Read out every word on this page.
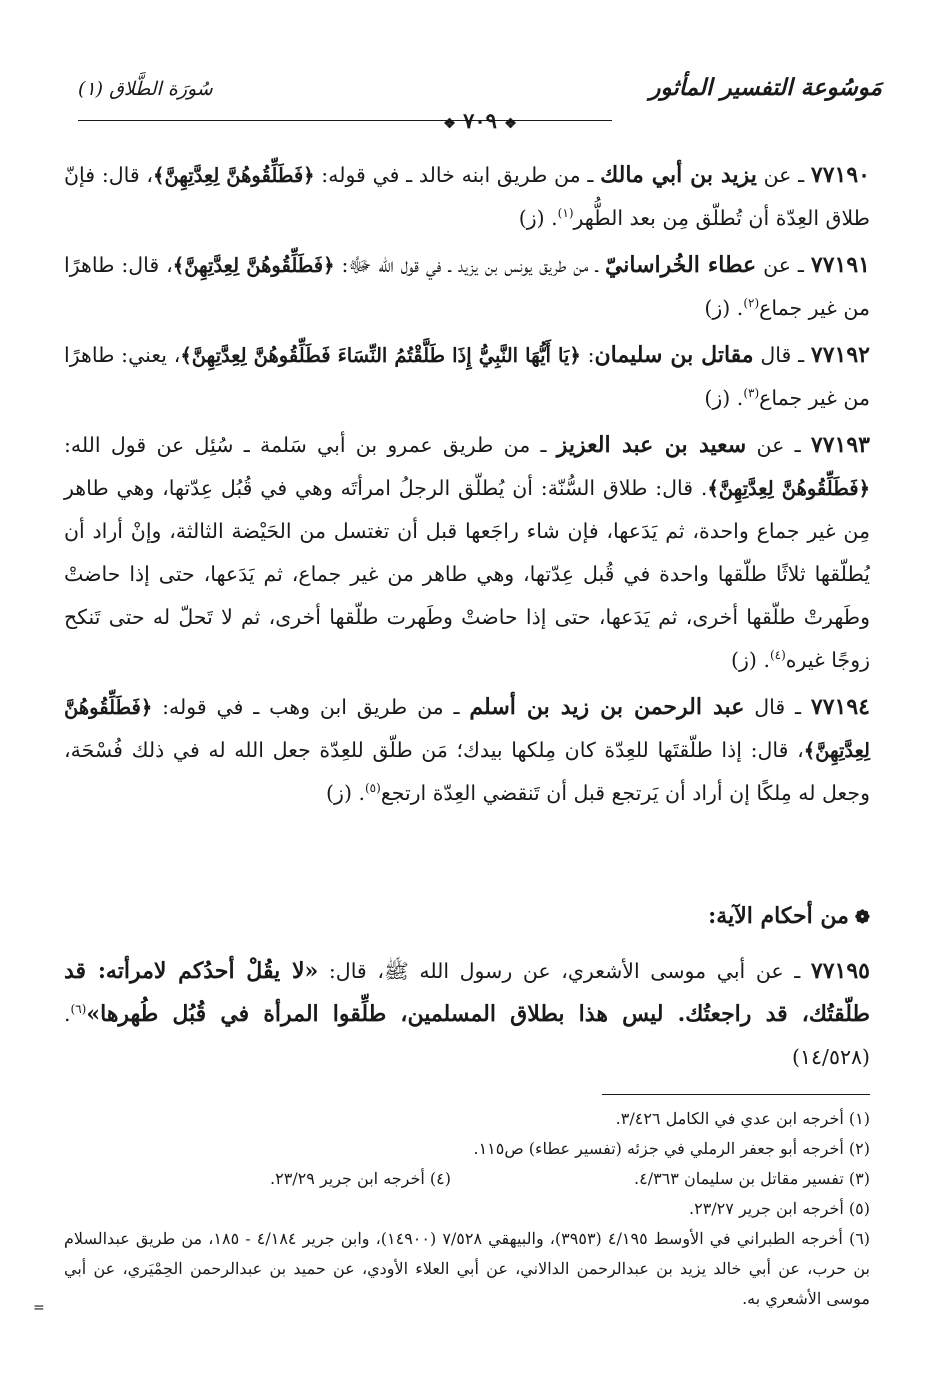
مَوسُوعة التفسير المأثور
سُورَة الطَّلاق (١)
❖ ٧٠٩ ❖

٧٧١٩٠ ـ عن يزيد بن أبي مالك ـ من طريق ابنه خالد ـ في قوله: ﴿فَطَلِّقُوهُنَّ لِعِدَّتِهِنَّ﴾، قال: فإنّ طلاق العِدّة أن تُطلّق مِن بعد الطُّهر$^{(١)}$. (ز)

٧٧١٩١ ـ عن عطاء الخُراسانيّ ـ من طريق يونس بن يزيد ـ في قول الله ﷻ: ﴿فَطَلِّقُوهُنَّ لِعِدَّتِهِنَّ﴾، قال: طاهرًا من غير جماع$^{(٢)}$. (ز)

٧٧١٩٢ ـ قال مقاتل بن سليمان: ﴿يَا أَيُّهَا النَّبِيُّ إِذَا طَلَّقْتُمُ النِّسَاءَ فَطَلِّقُوهُنَّ لِعِدَّتِهِنَّ﴾، يعني: طاهرًا من غير جماع$^{(٣)}$. (ز)

٧٧١٩٣ ـ عن سعيد بن عبد العزيز ـ من طريق عمرو بن أبي سَلمة ـ سُئِل عن قول الله: ﴿فَطَلِّقُوهُنَّ لِعِدَّتِهِنَّ﴾. قال: طلاق السُّنّة: أن يُطلّق الرجلُ امرأتَه وهي في قُبُل عِدّتها، وهي طاهر مِن غير جماع واحدة، ثم يَدَعها، فإن شاء راجَعها قبل أن تغتسل من الحَيْضة الثالثة، وإنْ أراد أن يُطلّقها ثلاثًا طلّقها واحدة في قُبل عِدّتها، وهي طاهر من غير جماع، ثم يَدَعها، حتى إذا حاضتْ وطَهرتْ طلّقها أخرى، ثم يَدَعها، حتى إذا حاضتْ وطَهرت طلّقها أخرى، ثم لا تَحلّ له حتى تَنكح زوجًا غيره$^{(٤)}$. (ز)

٧٧١٩٤ ـ قال عبد الرحمن بن زيد بن أسلم ـ من طريق ابن وهب ـ في قوله: ﴿فَطَلِّقُوهُنَّ لِعِدَّتِهِنَّ﴾، قال: إذا طلّقتَها للعِدّة كان مِلكها بيدك؛ مَن طلّق للعِدّة جعل الله له في ذلك فُسْحَة، وجعل له مِلكًا إن أراد أن يَرتجع قبل أن تَنقضي العِدّة ارتجع$^{(٥)}$. (ز)

❁من أحكام الآية:

٧٧١٩٥ ـ عن أبي موسى الأشعري، عن رسول الله ﷺ، قال: «لا يقُلْ أحدُكم لامرأته: قد طلّقتُك، قد راجعتُك. ليس هذا بطلاق المسلمين، طلِّقوا المرأة في قُبُل طُهرها»$^{(٦)}$. (١٤/٥٢٨)

(١) أخرجه ابن عدي في الكامل ٣/٤٢٦.

(٢) أخرجه أبو جعفر الرملي في جزئه (تفسير عطاء) ص١١٥.

(٣) تفسير مقاتل بن سليمان ٤/٣٦٣.
(٤) أخرجه ابن جرير ٢٣/٢٩.

(٥) أخرجه ابن جرير ٢٣/٢٧.

(٦) أخرجه الطبراني في الأوسط ٤/١٩٥ (٣٩٥٣)، والبيهقي ٧/٥٢٨ (١٤٩٠٠)، وابن جرير ٤/١٨٤ - ١٨٥، من طريق عبدالسلام بن حرب، عن أبي خالد يزيد بن عبدالرحمن الدالاني، عن أبي العلاء الأودي، عن حميد بن عبدالرحمن الحِمْيَري، عن أبي موسى الأشعري به.

=
